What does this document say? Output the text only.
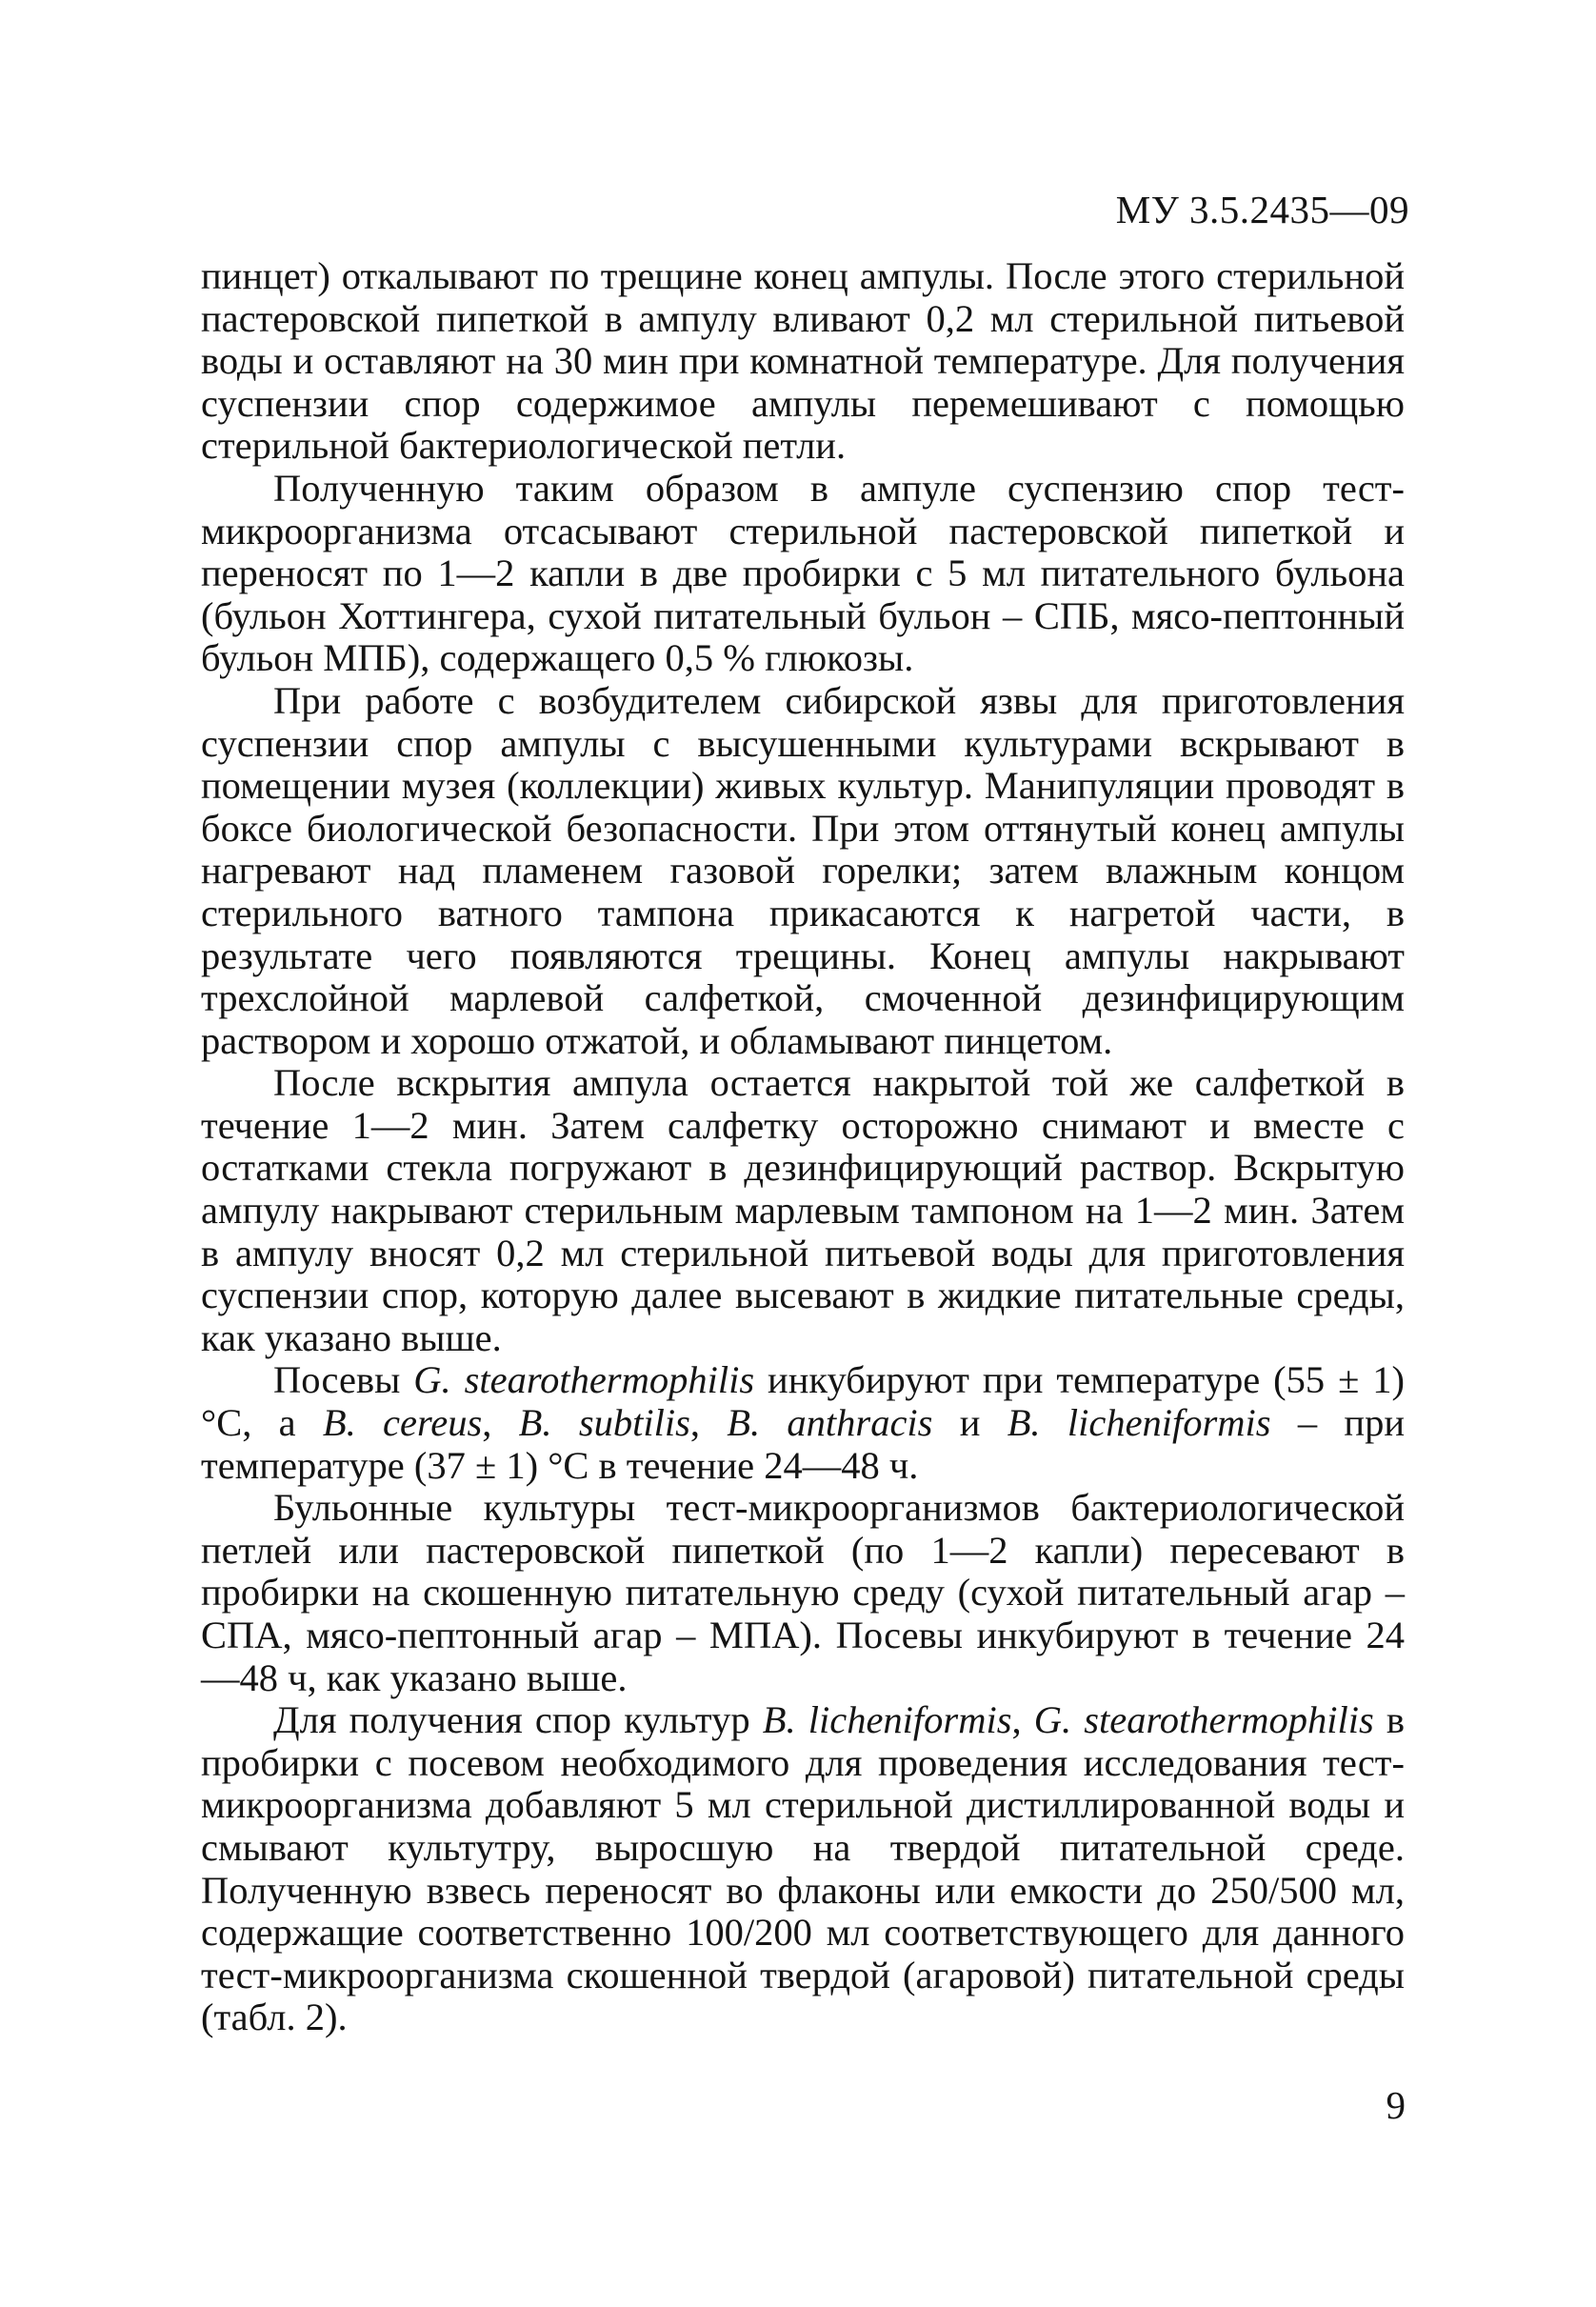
МУ 3.5.2435—09

пинцет) откалывают по трещине конец ампулы. После этого стерильной пастеровской пипеткой в ампулу вливают 0,2 мл стерильной питьевой воды и оставляют на 30 мин при комнатной температуре. Для получения суспензии спор содержимое ампулы перемешивают с помощью стерильной бактериологической петли.

Полученную таким образом в ампуле суспензию спор тест-микроорганизма отсасывают стерильной пастеровской пипеткой и переносят по 1—2 капли в две пробирки с 5 мл питательного бульона (бульон Хоттингера, сухой питательный бульон – СПБ, мясо-пептонный бульон МПБ), содержащего 0,5 % глюкозы.

При работе с возбудителем сибирской язвы для приготовления суспензии спор ампулы с высушенными культурами вскрывают в помещении музея (коллекции) живых культур. Манипуляции проводят в боксе биологической безопасности. При этом оттянутый конец ампулы нагревают над пламенем газовой горелки; затем влажным концом стерильного ватного тампона прикасаются к нагретой части, в результате чего появляются трещины. Конец ампулы накрывают трехслойной марлевой салфеткой, смоченной дезинфицирующим раствором и хорошо отжатой, и обламывают пинцетом.

После вскрытия ампула остается накрытой той же салфеткой в течение 1—2 мин. Затем салфетку осторожно снимают и вместе с остатками стекла погружают в дезинфицирующий раствор. Вскрытую ампулу накрывают стерильным марлевым тампоном на 1—2 мин. Затем в ампулу вносят 0,2 мл стерильной питьевой воды для приготовления суспензии спор, которую далее высевают в жидкие питательные среды, как указано выше.

Посевы G. stearothermophilis инкубируют при температуре (55 ± 1) °С, а B. cereus, B. subtilis, B. anthracis и B. licheniformis – при температуре (37 ± 1) °С в течение 24—48 ч.

Бульонные культуры тест-микроорганизмов бактериологической петлей или пастеровской пипеткой (по 1—2 капли) пересевают в пробирки на скошенную питательную среду (сухой питательный агар – СПА, мясо-пептонный агар – МПА). Посевы инкубируют в течение 24—48 ч, как указано выше.

Для получения спор культур B. licheniformis, G. stearothermophilis в пробирки с посевом необходимого для проведения исследования тест-микроорганизма добавляют 5 мл стерильной дистиллированной воды и смывают культутру, выросшую на твердой питательной среде. Полученную взвесь переносят во флаконы или емкости до 250/500 мл, содержащие соответственно 100/200 мл соответствующего для данного тест-микроорганизма скошенной твердой (агаровой) питательной среды (табл. 2).

9
